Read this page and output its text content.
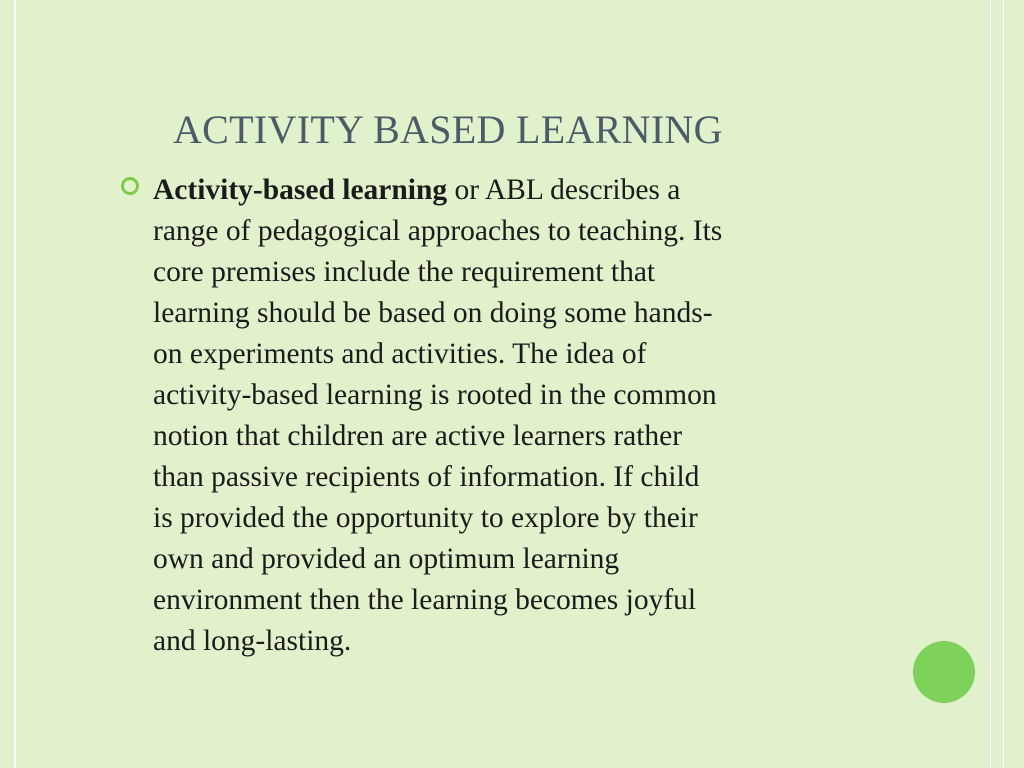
ACTIVITY BASED LEARNING

Activity-based learning or ABL describes a
range of pedagogical approaches to teaching. Its
core premises include the requirement that
learning should be based on doing some hands-
on experiments and activities. The idea of
activity-based learning is rooted in the common
notion that children are active learners rather
than passive recipients of information. If child
is provided the opportunity to explore by their
own and provided an optimum learning
environment then the learning becomes joyful
and long-lasting.
